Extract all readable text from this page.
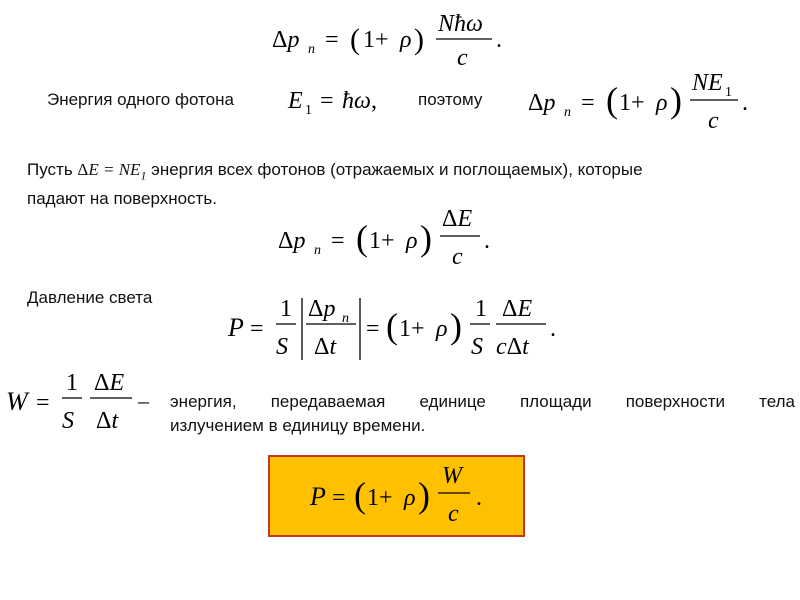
Δp n = ( 1+ ρ ) Nħω
c
.
Энергия одного фотона E 1 = ħω, поэтому Δp n = ( 1+ ρ ) NE 1
c
.
Пусть $\Delta E = NE_1$ энергия всех фотонов (отражаемых и поглощаемых), которые
падают на поверхность.
Δp n = ( 1+ ρ ) ΔE
c
.
Давление света
P =
1
S
Δp n
Δt
= ( 1+ ρ ) 1
S
ΔE
cΔt
.
W =
1
S
ΔE
Δt
– энергия, передаваемая единице площади поверхности тела
излучением в единицу времени.
P = ( 1+ ρ ) W
c
.
